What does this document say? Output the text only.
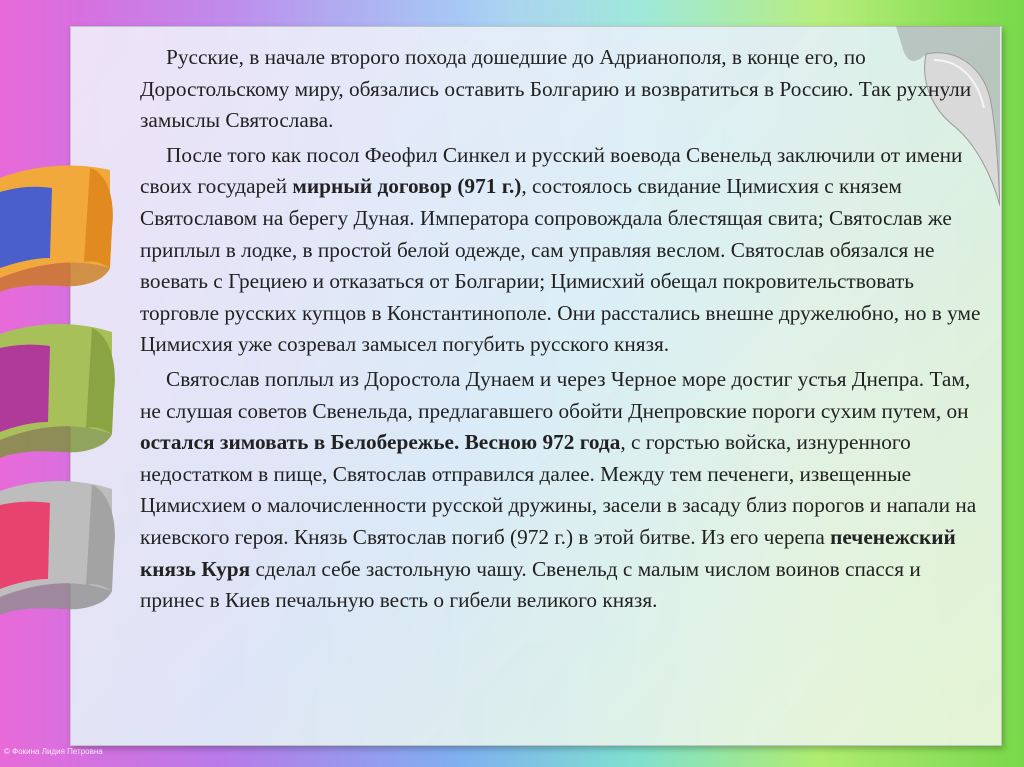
Русские, в начале второго похода дошедшие до Адрианополя, в конце его, по Доростольскому миру, обязались оставить Болгарию и возвратиться в Россию. Так рухнули замыслы Святослава.

После того как посол Феофил Синкел и русский воевода Свенельд заключили от имени своих государей мирный договор (971 г.), состоялось свидание Цимисхия с князем Святославом на берегу Дуная. Императора сопровождала блестящая свита; Святослав же приплыл в лодке, в простой белой одежде, сам управляя веслом. Святослав обязался не воевать с Грециею и отказаться от Болгарии; Цимисхий обещал покровительствовать торговле русских купцов в Константинополе. Они расстались внешне дружелюбно, но в уме Цимисхия уже созревал замысел погубить русского князя.

Святослав поплыл из Доростола Дунаем и через Черное море достиг устья Днепра. Там, не слушая советов Свенельда, предлагавшего обойти Днепровские пороги сухим путем, он остался зимовать в Белобережье. Весною 972 года, с горстью войска, изнуренного недостатком в пище, Святослав отправился далее. Между тем печенеги, извещенные Цимисхием о малочисленности русской дружины, засели в засаду близ порогов и напали на киевского героя. Князь Святослав погиб (972 г.) в этой битве. Из его черепа печенежский князь Куря сделал себе застольную чашу. Свенельд с малым числом воинов спасся и принес в Киев печальную весть о гибели великого князя.

© Фокина Лидия Петровна
